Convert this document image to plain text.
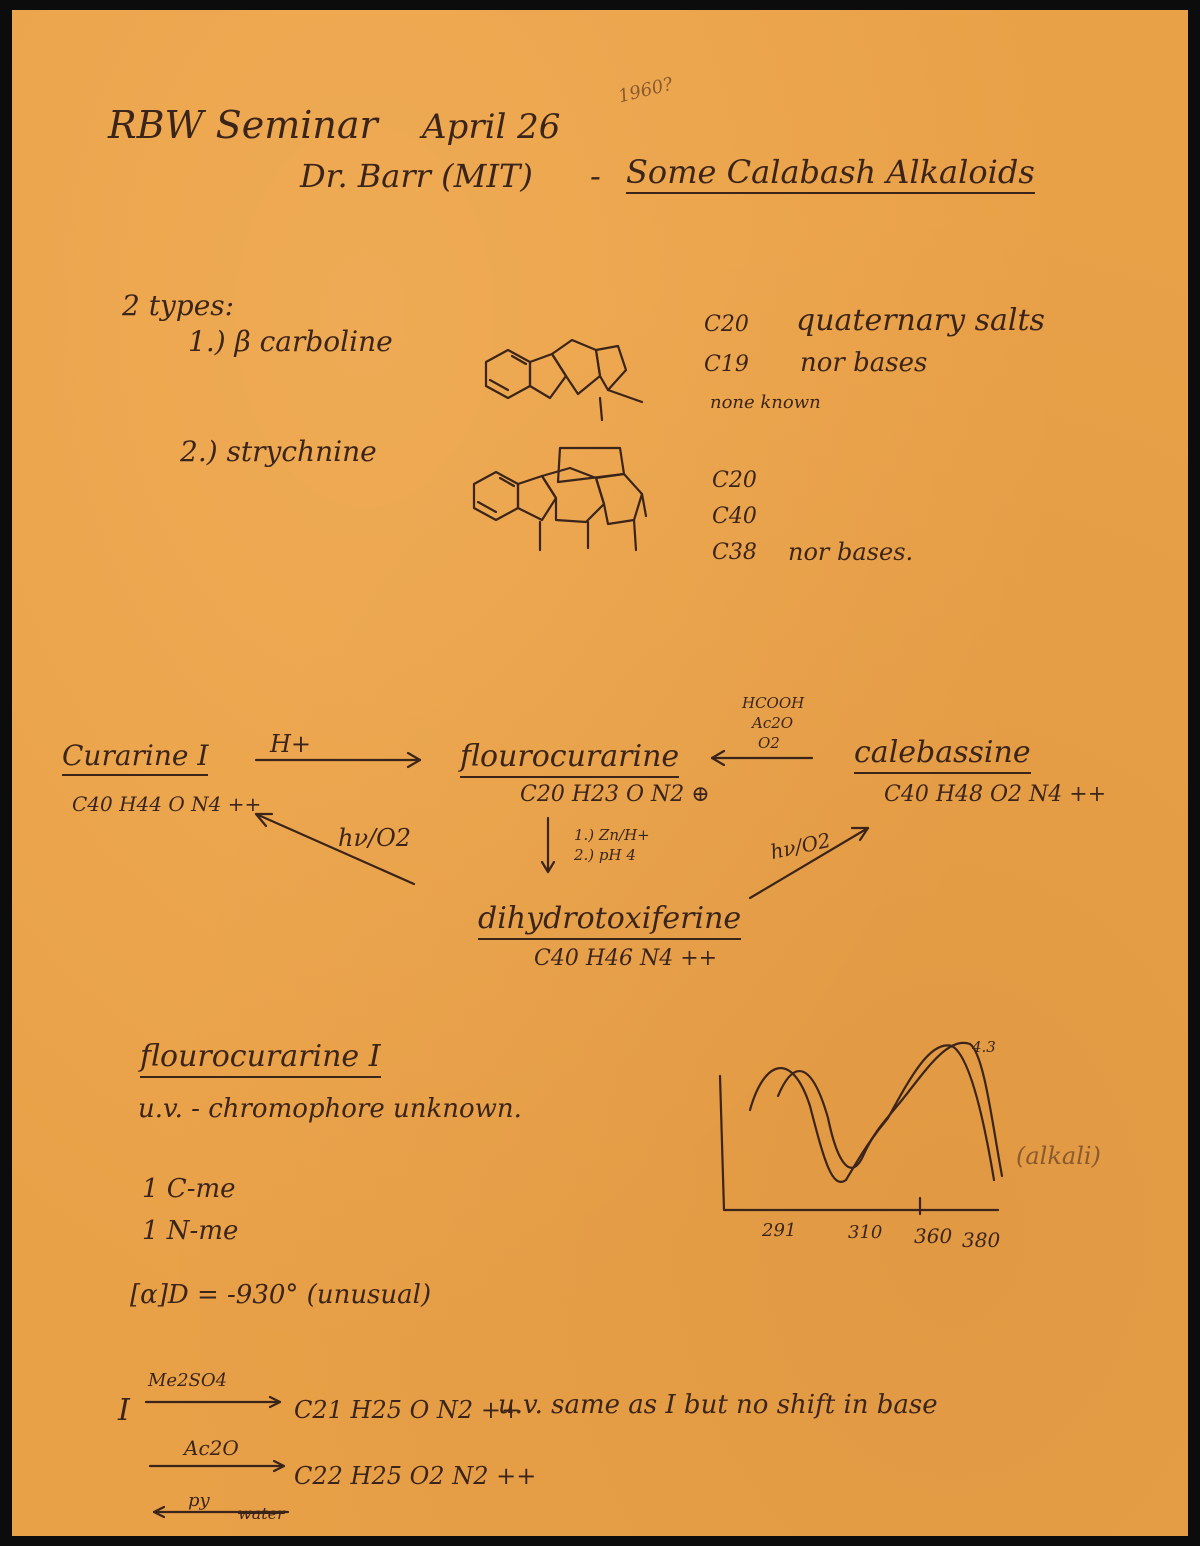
RBW Seminar April 26
1960?
Dr. Barr (MIT) - Some Calabash Alkaloids
2 types:
1.) β carboline
2.) strychnine
C20 quaternary salts
C19 nor bases
none known
C20
C40
C38 nor bases.
Curarine I
C40 H44 O N4 ++
H+	flourocurarine
C20 H23 O N2 ⊕
HCOOH
Ac2O
O2 calebassine
C40 H48 O2 N4 ++
hν/O2	hν/O2
1.) Zn/H+
2.) pH 4
dihydrotoxiferine
C40 H46 N4 ++
flourocurarine I
u.v. - chromophore unknown.
1 C-me
1 N-me
[α]D = -930° (unusual)
4.3
(alkali)
291	310 360 380
I
Me2SO4
C21 H25 O N2 ++
u.v. same as I but no shift in base
Ac2O
C22 H25 O2 N2 ++
py
water
